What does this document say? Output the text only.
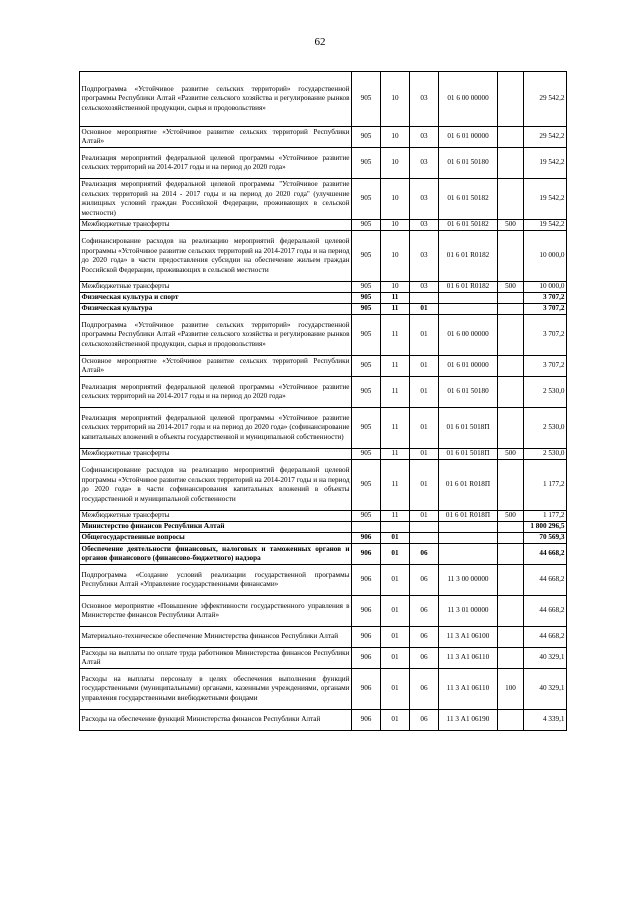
62
Подпрограмма «Устойчивое развитие сельских территорий» государственной программы Республики Алтай «Развитие сельского хозяйства и регулирование рынков сельскохозяйственной продукции, сырья и продовольствия»	905	10	03	01 6 00 00000		29 542,2
Основное мероприятие «Устойчивое развитие сельских территорий Республики Алтай»	905	10	03	01 6 01 00000		29 542,2
Реализация мероприятий федеральной целевой программы «Устойчивое развитие сельских территорий на 2014-2017 годы и на период до 2020 года»	905	10	03	01 6 01 50180		19 542,2
Реализация мероприятий федеральной целевой программы "Устойчивое развитие сельских территорий на 2014 - 2017 годы и на период до 2020 года" (улучшение жилищных условий граждан Российской Федерации, проживающих в сельской местности)	905	10	03	01 6 01 50182		19 542,2
Межбюджетные трансферты	905	10	03	01 6 01 50182	500	19 542,2
Софинансирование расходов на реализацию мероприятий федеральной целевой программы «Устойчивое развитие сельских территорий на 2014-2017 годы и на период до 2020 года» в части предоставления субсидии на обеспечение жильем граждан Российской Федерации, проживающих в сельской местности	905	10	03	01 6 01 R0182		10 000,0
Межбюджетные трансферты	905	10	03	01 6 01 R0182	500	10 000,0
Физическая культура и спорт	905	11				3 707,2
Физическая культура	905	11	01			3 707,2
Подпрограмма «Устойчивое развитие сельских территорий» государственной программы Республики Алтай «Развитие сельского хозяйства и регулирование рынков сельскохозяйственной продукции, сырья и продовольствия»	905	11	01	01 6 00 00000		3 707,2
Основное мероприятие «Устойчивое развитие сельских территорий Республики Алтай»	905	11	01	01 6 01 00000		3 707,2
Реализация мероприятий федеральной целевой программы «Устойчивое развитие сельских территорий на 2014-2017 годы и на период до 2020 года»	905	11	01	01 6 01 50180		2 530,0
Реализация мероприятий федеральной целевой программы «Устойчивое развитие сельских территорий на 2014-2017 годы и на период до 2020 года» (софинансирование капитальных вложений в объекты государственной и муниципальной собственности)	905	11	01	01 6 01 5018П		2 530,0
Межбюджетные трансферты	905	11	01	01 6 01 5018П	500	2 530,0
Софинансирование расходов на реализацию мероприятий федеральной целевой программы «Устойчивое развитие сельских территорий на 2014-2017 годы и на период до 2020 года» в части софинансирования капитальных вложений в объекты государственной и муниципальной собственности	905	11	01	01 6 01 R018П		1 177,2
Межбюджетные трансферты	905	11	01	01 6 01 R018П	500	1 177,2
Министерство финансов Республики Алтай						1 800 296,5
Общегосударственные вопросы	906	01				70 569,3
Обеспечение деятельности финансовых, налоговых и таможенных органов и органов финансового (финансово-бюджетного) надзора	906	01	06			44 668,2
Подпрограмма «Создание условий реализации государственной программы Республики Алтай «Управление государственными финансами»	906	01	06	11 3 00 00000		44 668,2
Основное мероприятие «Повышение эффективности государственного управления в Министерстве финансов Республики Алтай»	906	01	06	11 3 01 00000		44 668,2
Материально-техническое обеспечение Министерства финансов Республики Алтай	906	01	06	11 3 А1 06100		44 668,2
Расходы на выплаты по оплате труда работников Министерства финансов Республики Алтай	906	01	06	11 3 А1 06110		40 329,1
Расходы на выплаты персоналу в целях обеспечения выполнения функций государственными (муниципальными) органами, казенными учреждениями, органами управления государственными внебюджетными фондами	906	01	06	11 3 А1 06110	100	40 329,1
Расходы на обеспечение функций Министерства финансов Республики Алтай	906	01	06	11 3 А1 06190		4 339,1
